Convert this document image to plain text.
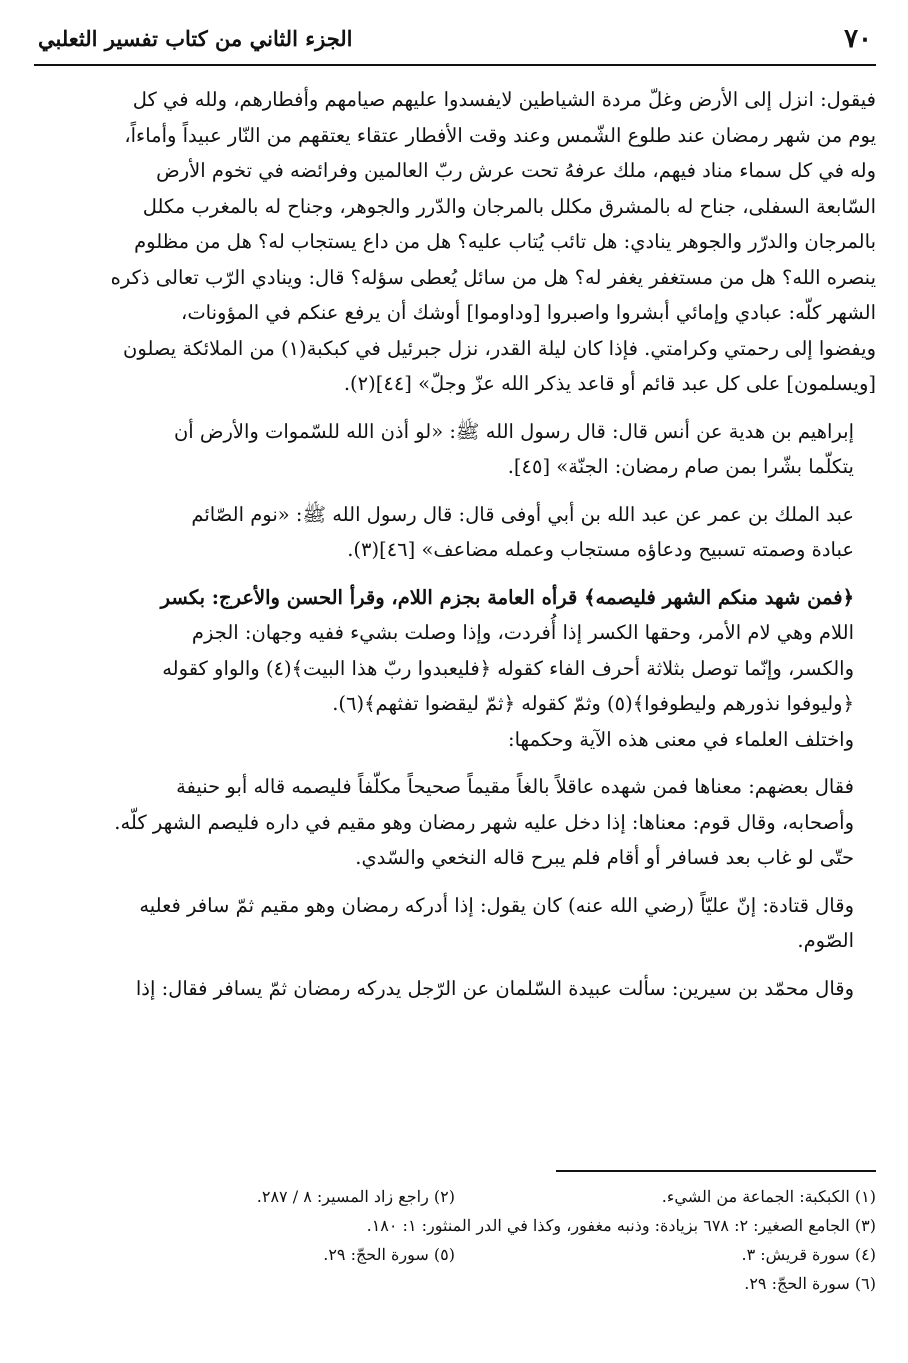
٧٠
الجزء الثاني من كتاب تفسير الثعلبي
فيقول: انزل إلى الأرض وغلّ مردة الشياطين لايفسدوا عليهم صيامهم وأفطارهم، ولله في كل
يوم من شهر رمضان عند طلوع الشّمس وعند وقت الأفطار عتقاء يعتقهم من النّار عبيداً وأماءاً،
وله في كل سماء مناد فيهم، ملك عرفهُ تحت عرش ربّ العالمين وفرائضه في تخوم الأرض
السّابعة السفلى، جناح له بالمشرق مكلل بالمرجان والدّرر والجوهر، وجناح له بالمغرب مكلل
بالمرجان والدرّر والجوهر ينادي: هل تائب يُتاب عليه؟ هل من داع يستجاب له؟ هل من مظلوم
ينصره الله؟ هل من مستغفر يغفر له؟ هل من سائل يُعطى سؤله؟ قال: وينادي الرّب تعالى ذكره
الشهر كلّه: عبادي وإمائي أبشروا واصبروا [وداوموا] أوشك أن يرفع عنكم في المؤونات،
ويفضوا إلى رحمتي وكرامتي. فإذا كان ليلة القدر، نزل جبرئيل في كبكبة(١) من الملائكة يصلون
[ويسلمون] على كل عبد قائم أو قاعد يذكر الله عزّ وجلّ» [٤٤](٢).
إبراهيم بن هدية عن أنس قال: قال رسول الله ﷺ: «لو أذن الله للسّموات والأرض أن
يتكلّما بشّرا بمن صام رمضان: الجنّة» [٤٥].
عبد الملك بن عمر عن عبد الله بن أبي أوفى قال: قال رسول الله ﷺ: «نوم الصّائم
عبادة وصمته تسبيح ودعاؤه مستجاب وعمله مضاعف» [٤٦](٣).
﴿فمن شهد منكم الشهر فليصمه﴾ قرأه العامة بجزم اللام، وقرأ الحسن والأعرج: بكسر
اللام وهي لام الأمر، وحقها الكسر إذا أُفردت، وإذا وصلت بشيء ففيه وجهان: الجزم
والكسر، وإنّما توصل بثلاثة أحرف الفاء كقوله ﴿فليعبدوا ربّ هذا البيت﴾(٤) والواو كقوله
﴿وليوفوا نذورهم وليطوفوا﴾(٥) وثمّ كقوله ﴿ثمّ ليقضوا تفثهم﴾(٦).
واختلف العلماء في معنى هذه الآية وحكمها:
فقال بعضهم: معناها فمن شهده عاقلاً بالغاً مقيماً صحيحاً مكلّفاً فليصمه قاله أبو حنيفة
وأصحابه، وقال قوم: معناها: إذا دخل عليه شهر رمضان وهو مقيم في داره فليصم الشهر كلّه.
حتّى لو غاب بعد فسافر أو أقام فلم يبرح قاله النخعي والسّدي.
وقال قتادة: إنّ عليّاً (رضي الله عنه) كان يقول: إذا أدركه رمضان وهو مقيم ثمّ سافر فعليه
الصّوم.
وقال محمّد بن سيرين: سألت عبيدة السّلمان عن الرّجل يدركه رمضان ثمّ يسافر فقال: إذا
(١) الكبكبة: الجماعة من الشيء.
(٢) راجع زاد المسير: ٨ / ٢٨٧.
(٣) الجامع الصغير: ٢: ٦٧٨ بزيادة: وذنبه مغفور، وكذا في الدر المنثور: ١: ١٨٠.
(٤) سورة قريش: ٣.
(٥) سورة الحجّ: ٢٩.
(٦) سورة الحجّ: ٢٩.
